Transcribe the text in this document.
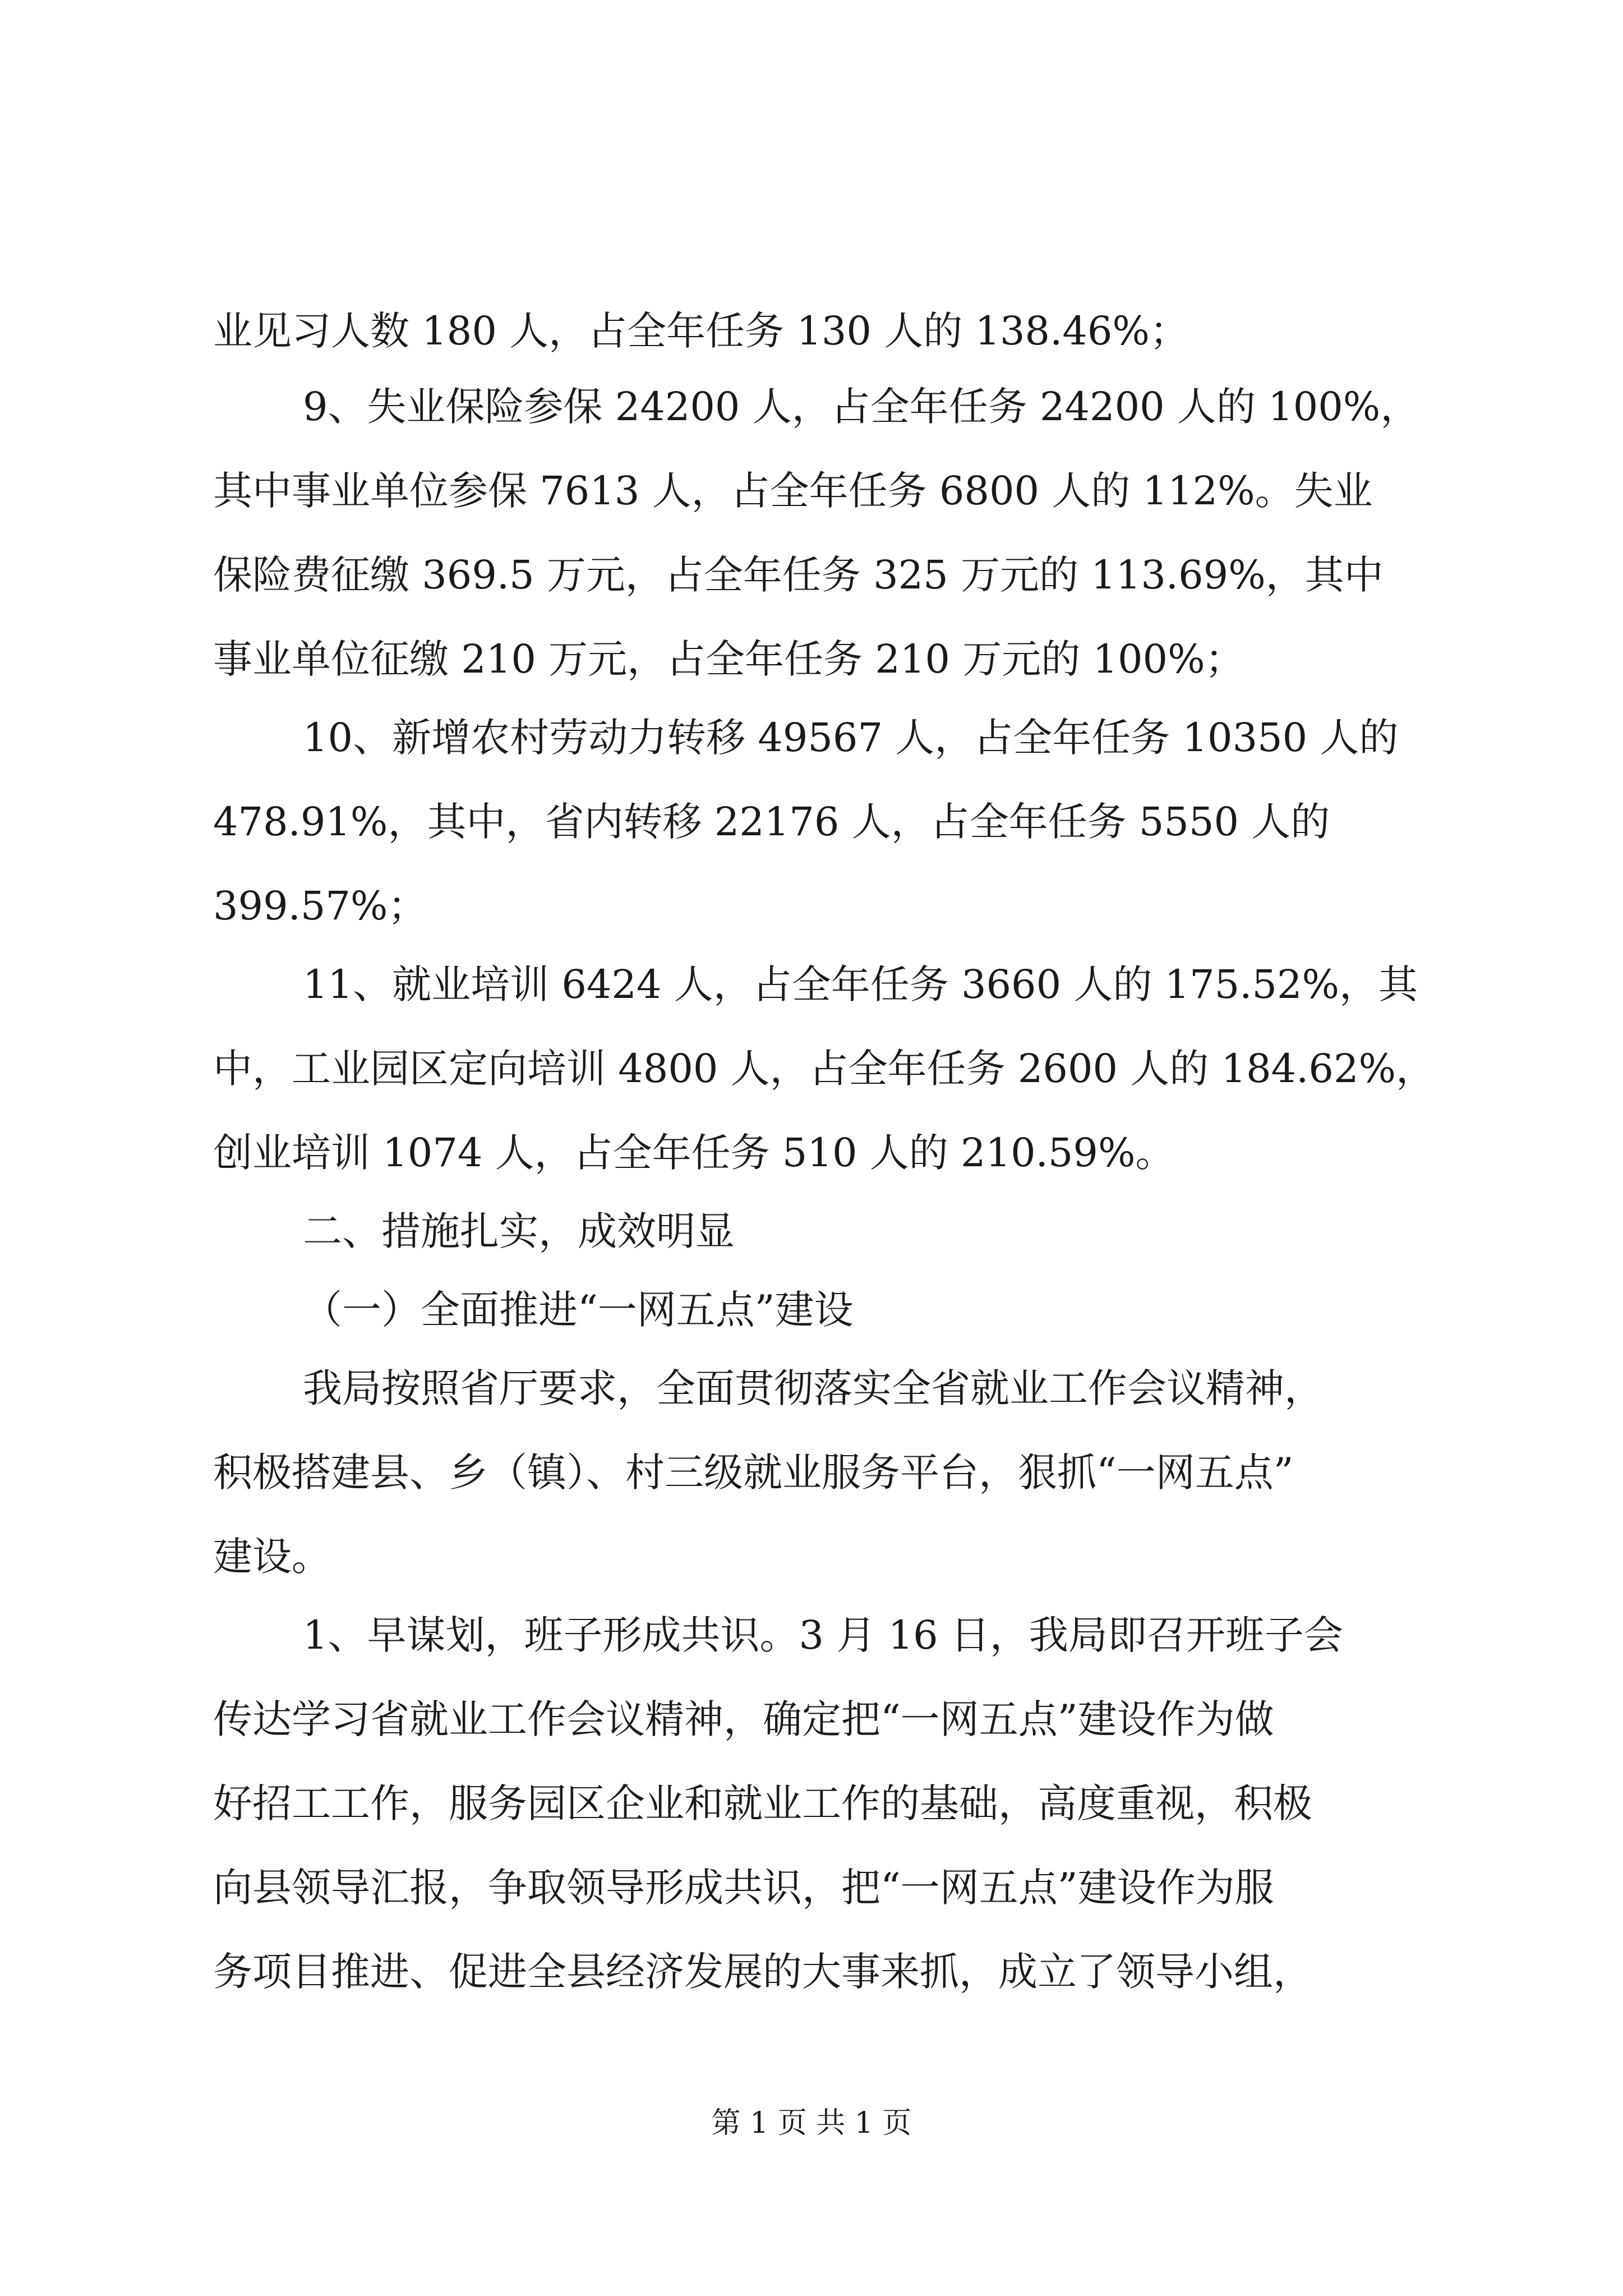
业见习人数 180 人，占全年任务 130 人的 138.46%；
9、失业保险参保 24200 人，占全年任务 24200 人的 100%，
其中事业单位参保 7613 人，占全年任务 6800 人的 112%。失业
保险费征缴 369.5 万元，占全年任务 325 万元的 113.69%，其中
事业单位征缴 210 万元，占全年任务 210 万元的 100%；
10、新增农村劳动力转移 49567 人，占全年任务 10350 人的
478.91%，其中，省内转移 22176 人，占全年任务 5550 人的
399.57%；
11、就业培训 6424 人，占全年任务 3660 人的 175.52%，其
中，工业园区定向培训 4800 人，占全年任务 2600 人的 184.62%，
创业培训 1074 人，占全年任务 510 人的 210.59%。
二、措施扎实，成效明显
（一）全面推进“一网五点”建设
我局按照省厅要求，全面贯彻落实全省就业工作会议精神，
积极搭建县、乡（镇）、村三级就业服务平台，狠抓“一网五点”
建设。
1、早谋划，班子形成共识。3 月 16 日，我局即召开班子会
传达学习省就业工作会议精神，确定把“一网五点”建设作为做
好招工工作，服务园区企业和就业工作的基础，高度重视，积极
向县领导汇报，争取领导形成共识，把“一网五点”建设作为服
务项目推进、促进全县经济发展的大事来抓，成立了领导小组，
第 1 页 共 1 页
